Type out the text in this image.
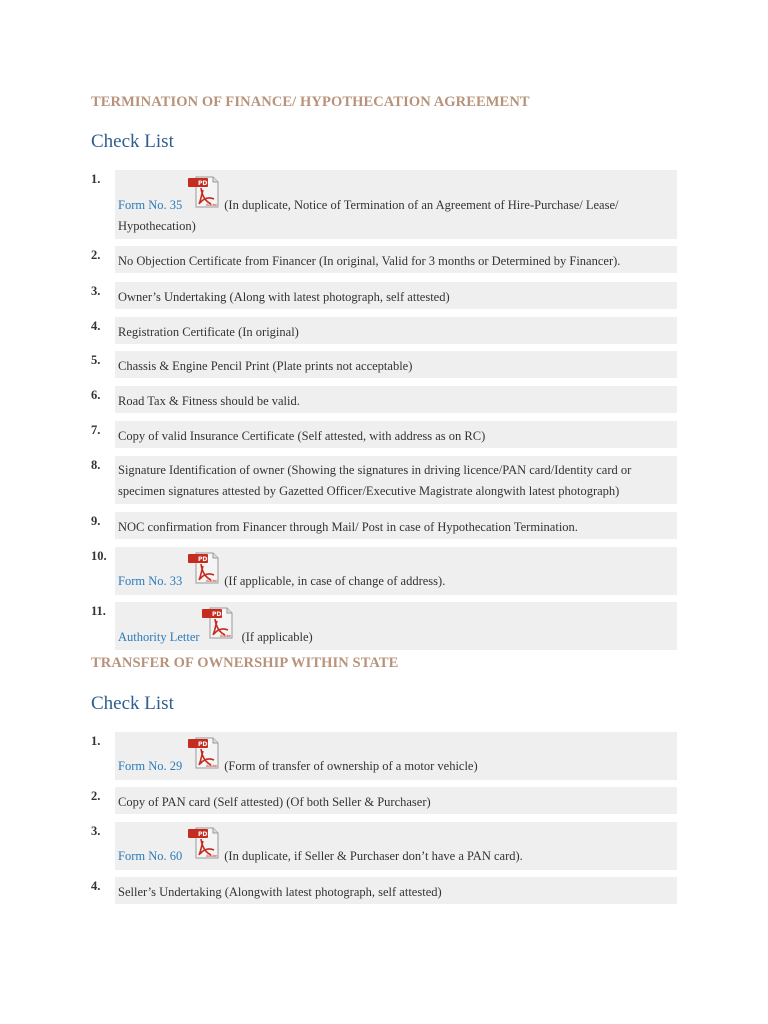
TERMINATION OF FINANCE/ HYPOTHECATION AGREEMENT
Check List
1.	PDF
Adobe
Form No. 35	(In duplicate, Notice of Termination of an Agreement of Hire-Purchase/ Lease/
Hypothecation)
2.	No Objection Certificate from Financer (In original, Valid for 3 months or Determined by Financer).
3.	Owner’s Undertaking (Along with latest photograph, self attested)
4.	Registration Certificate (In original)
5.	Chassis & Engine Pencil Print (Plate prints not acceptable)
6.	Road Tax & Fitness should be valid.
7.	Copy of valid Insurance Certificate (Self attested, with address as on RC)
8.	Signature Identification of owner (Showing the signatures in driving licence/PAN card/Identity card or
specimen signatures attested by Gazetted Officer/Executive Magistrate alongwith latest photograph)
9.	NOC confirmation from Financer through Mail/ Post in case of Hypothecation Termination.
10.	PDF
Adobe
Form No. 33	(If applicable, in case of change of address).
11.	PDF
Adobe
Authority Letter	(If applicable)
TRANSFER OF OWNERSHIP WITHIN STATE
Check List
1.	PDF
Adobe
Form No. 29	(Form of transfer of ownership of a motor vehicle)
2.	Copy of PAN card (Self attested) (Of both Seller & Purchaser)
3.	PDF
Adobe
Form No. 60	(In duplicate, if Seller & Purchaser don’t have a PAN card).
4.	Seller’s Undertaking (Alongwith latest photograph, self attested)
